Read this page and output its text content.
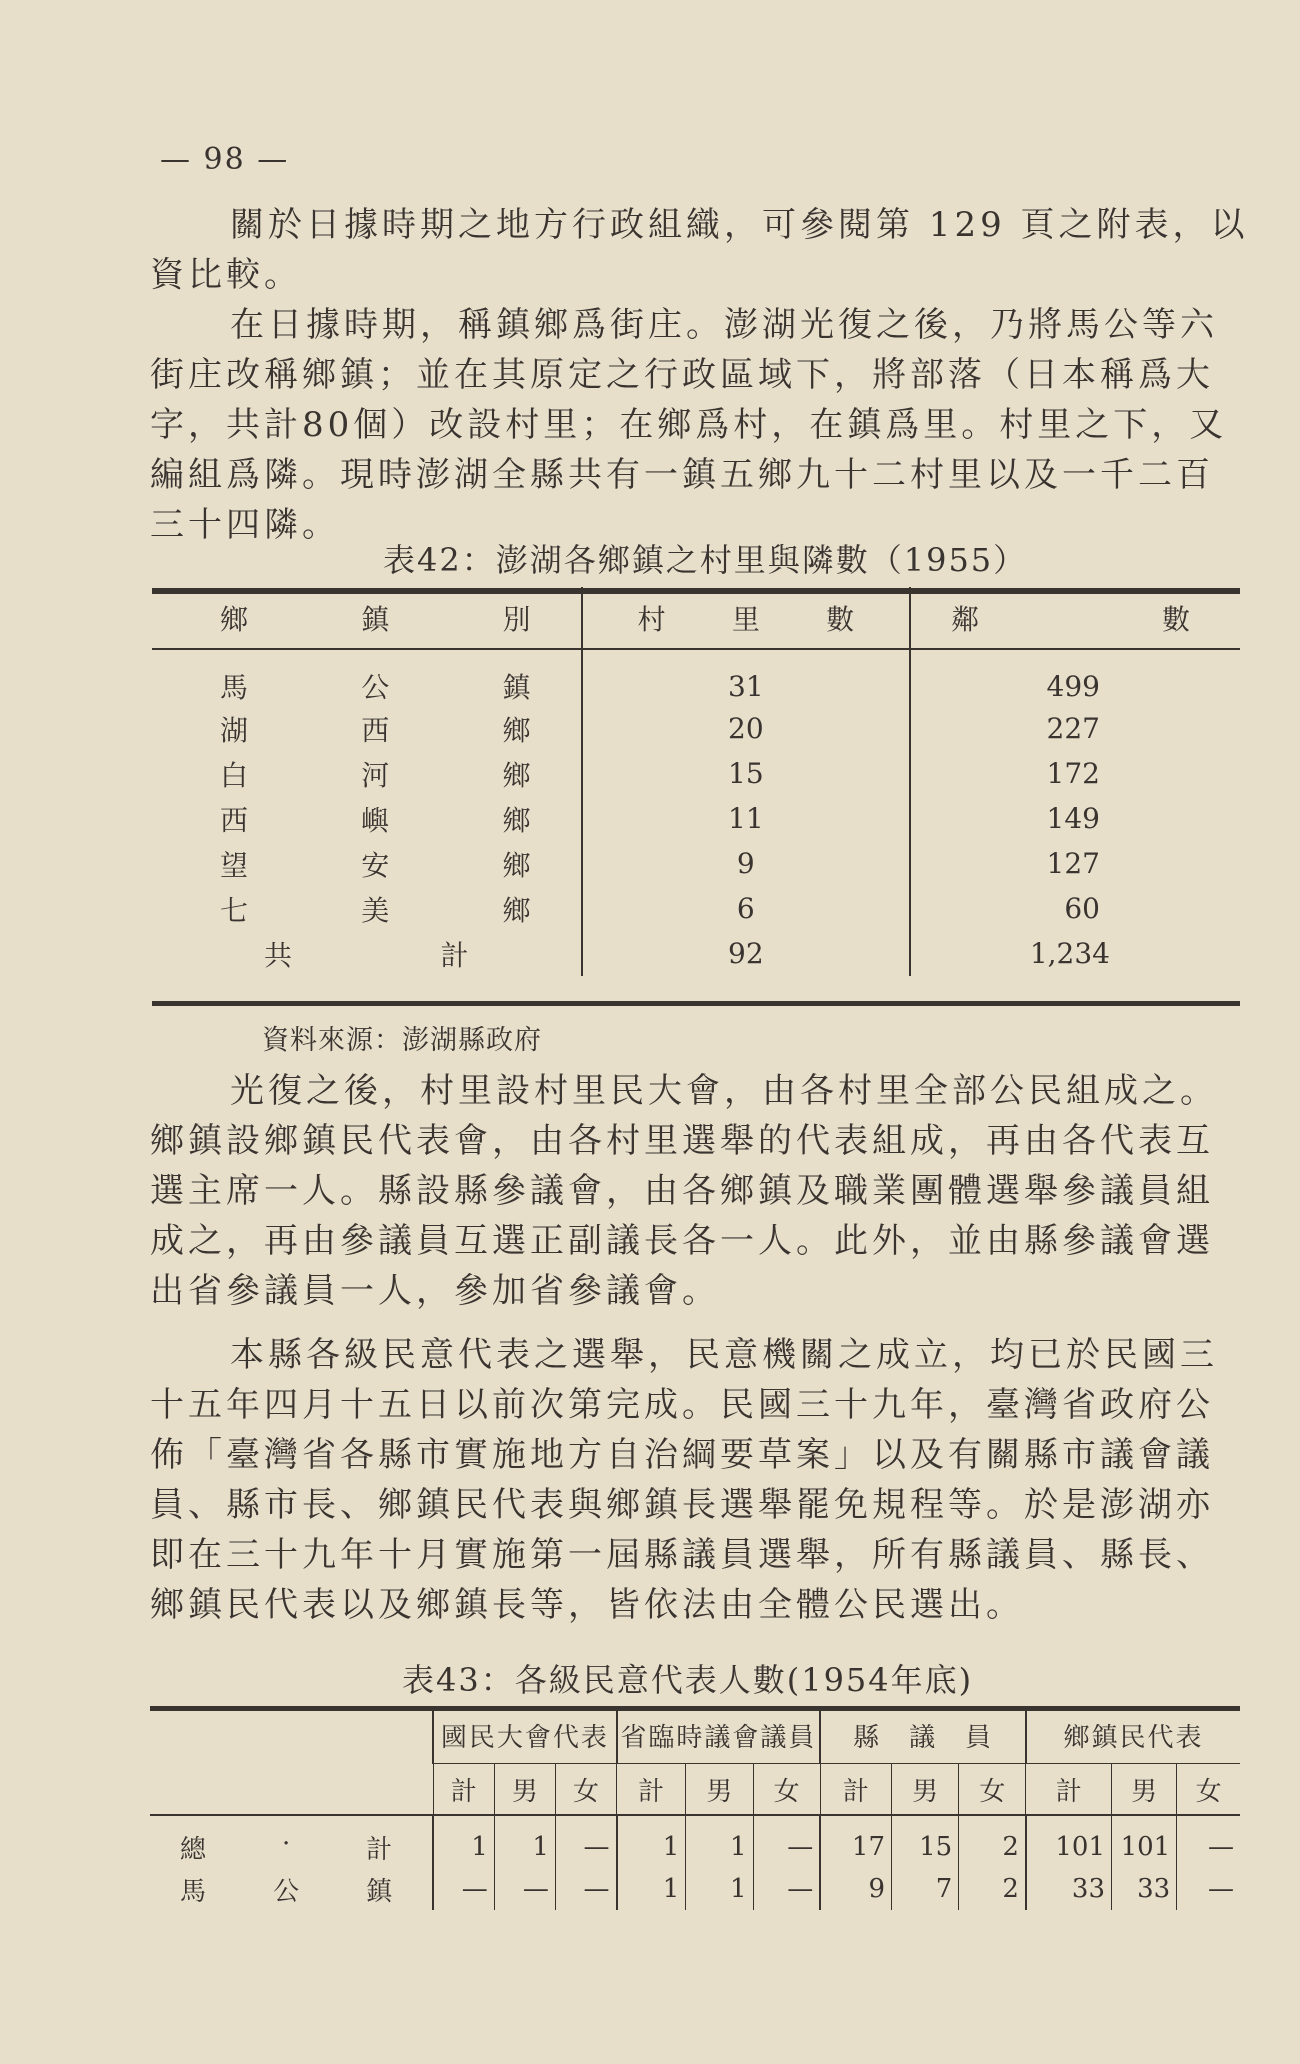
— 98 —

關於日據時期之地方行政組織，可參閱第 129 頁之附表，以資比較。

在日據時期，稱鎮鄉爲街庄。澎湖光復之後，乃將馬公等六街庄改稱鄉鎮；並在其原定之行政區域下，將部落（日本稱爲大字，共計80個）改設村里；在鄉爲村，在鎮爲里。村里之下，又編組爲隣。現時澎湖全縣共有一鎮五鄉九十二村里以及一千二百三十四隣。

表42：澎湖各鄉鎮之村里與隣數（1955）
鄉 鎮 別	村 里 數	鄰 數

馬 公 鎮	31	499

湖 西 鄉	20	227

白 河 鄉	15	172

西 嶼 鄉	11	149

望 安 鄉	9	127

七 美 鄉	6	60

共 計	92	1,234
資料來源：澎湖縣政府

光復之後，村里設村里民大會，由各村里全部公民組成之。鄉鎮設鄉鎮民代表會，由各村里選舉的代表組成，再由各代表互選主席一人。縣設縣參議會，由各鄉鎮及職業團體選舉參議員組成之，再由參議員互選正副議長各一人。此外，並由縣參議會選出省參議員一人，參加省參議會。

本縣各級民意代表之選舉，民意機關之成立，均已於民國三十五年四月十五日以前次第完成。民國三十九年，臺灣省政府公佈「臺灣省各縣市實施地方自治綱要草案」以及有關縣市議會議員、縣市長、鄉鎮民代表與鄉鎮長選舉罷免規程等。於是澎湖亦即在三十九年十月實施第一屆縣議員選舉，所有縣議員、縣長、鄉鎮民代表以及鄉鎮長等，皆依法由全體公民選出。

表43：各級民意代表人數(1954年底)
	國民大會代表			省臨時議會議員			縣　議　員			鄉鎮民代表		
	計	男	女	計	男	女	計	男	女	計	男	女

總 · 計	1	1	—	1	1	—	17	15	2	101	101	—

馬 公 鎮	—	—	—	1	1	—	9	7	2	33	33	—
